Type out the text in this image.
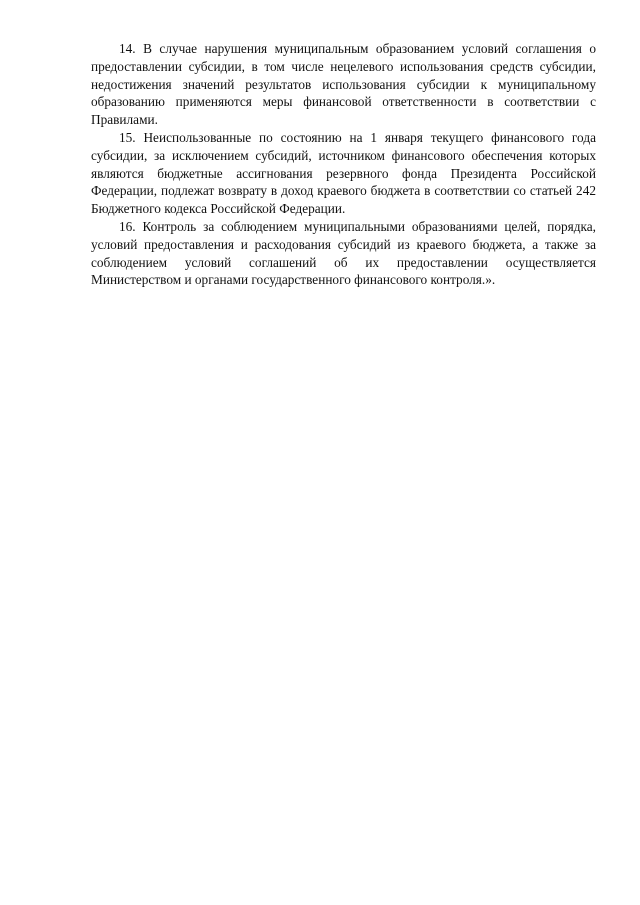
14. В случае нарушения муниципальным образованием условий соглашения о предоставлении субсидии, в том числе нецелевого использования средств субсидии, недостижения значений результатов использования субсидии к муниципальному образованию применяются меры финансовой ответственности в соответствии с Правилами.

15. Неиспользованные по состоянию на 1 января текущего финансового года субсидии, за исключением субсидий, источником финансового обеспечения которых являются бюджетные ассигнования резервного фонда Президента Российской Федерации, подлежат возврату в доход краевого бюджета в соответствии со статьей 242 Бюджетного кодекса Российской Федерации.

16. Контроль за соблюдением муниципальными образованиями целей, порядка, условий предоставления и расходования субсидий из краевого бюджета, а также за соблюдением условий соглашений об их предоставлении осуществляется Министерством и органами государственного финансового контроля.».
